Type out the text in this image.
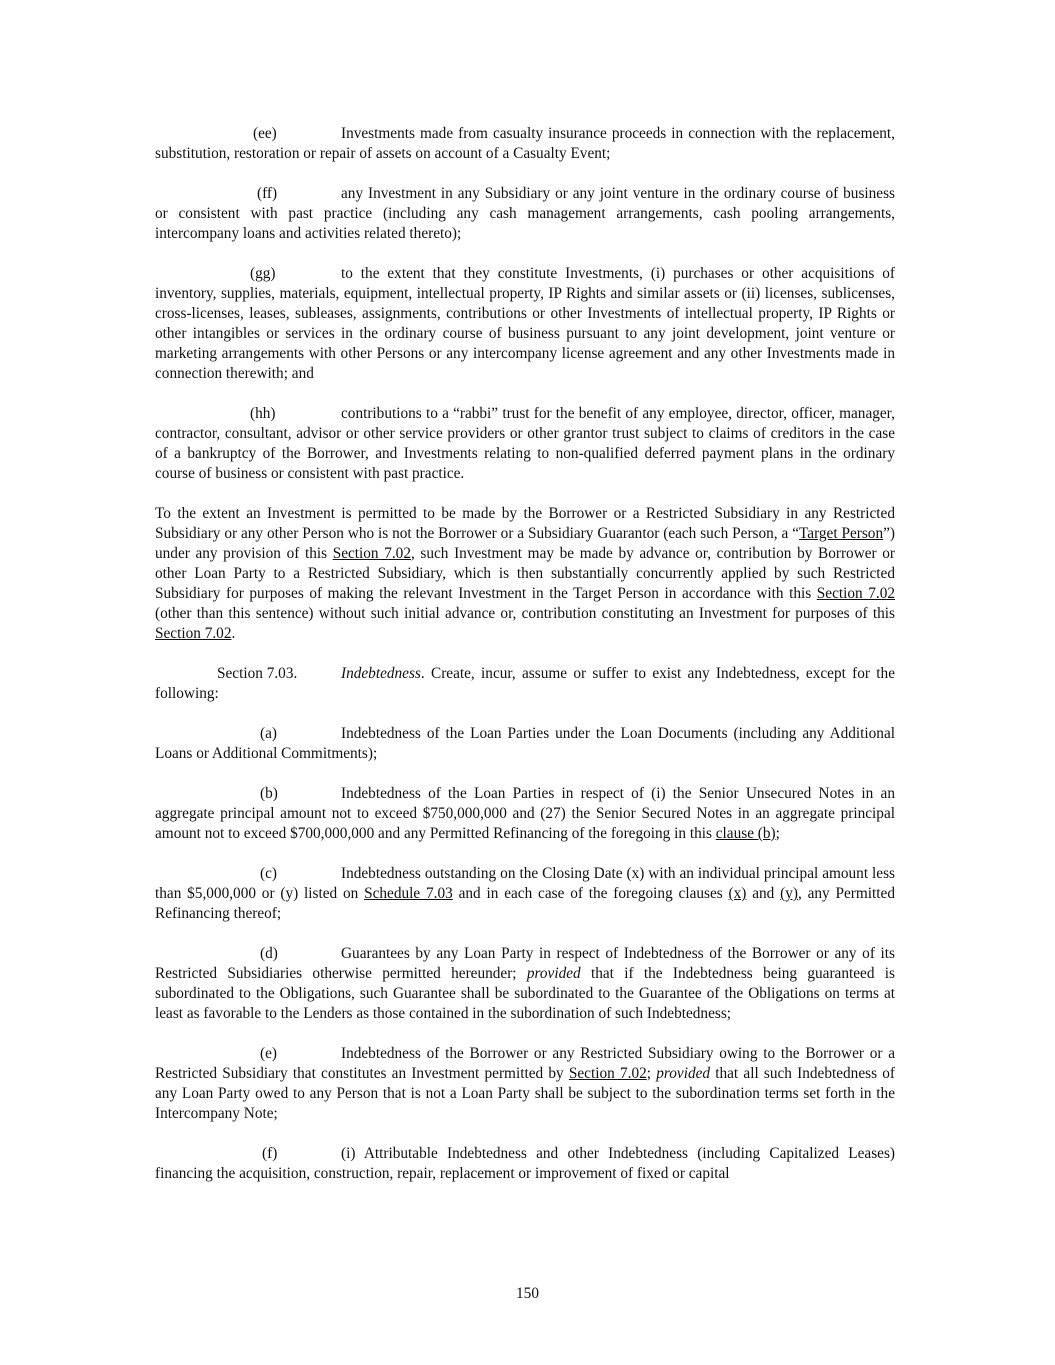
(ee)	Investments made from casualty insurance proceeds in connection with the replacement, substitution, restoration or repair of assets on account of a Casualty Event;

(ff)	any Investment in any Subsidiary or any joint venture in the ordinary course of business or consistent with past practice (including any cash management arrangements, cash pooling arrangements, intercompany loans and activities related thereto);

(gg)	to the extent that they constitute Investments, (i) purchases or other acquisitions of inventory, supplies, materials, equipment, intellectual property, IP Rights and similar assets or (ii) licenses, sublicenses, cross-licenses, leases, subleases, assignments, contributions or other Investments of intellectual property, IP Rights or other intangibles or services in the ordinary course of business pursuant to any joint development, joint venture or marketing arrangements with other Persons or any intercompany license agreement and any other Investments made in connection therewith; and

(hh)	contributions to a “rabbi” trust for the benefit of any employee, director, officer, manager, contractor, consultant, advisor or other service providers or other grantor trust subject to claims of creditors in the case of a bankruptcy of the Borrower, and Investments relating to non-qualified deferred payment plans in the ordinary course of business or consistent with past practice.

To the extent an Investment is permitted to be made by the Borrower or a Restricted Subsidiary in any Restricted Subsidiary or any other Person who is not the Borrower or a Subsidiary Guarantor (each such Person, a “Target Person”) under any provision of this Section 7.02, such Investment may be made by advance or, contribution by Borrower or other Loan Party to a Restricted Subsidiary, which is then substantially concurrently applied by such Restricted Subsidiary for purposes of making the relevant Investment in the Target Person in accordance with this Section 7.02 (other than this sentence) without such initial advance or, contribution constituting an Investment for purposes of this Section 7.02.

Section 7.03.	Indebtedness. Create, incur, assume or suffer to exist any Indebtedness, except for the following:

(a)	Indebtedness of the Loan Parties under the Loan Documents (including any Additional Loans or Additional Commitments);

(b)	Indebtedness of the Loan Parties in respect of (i) the Senior Unsecured Notes in an aggregate principal amount not to exceed $750,000,000 and (27) the Senior Secured Notes in an aggregate principal amount not to exceed $700,000,000 and any Permitted Refinancing of the foregoing in this clause (b);

(c)	Indebtedness outstanding on the Closing Date (x) with an individual principal amount less than $5,000,000 or (y) listed on Schedule 7.03 and in each case of the foregoing clauses (x) and (y), any Permitted Refinancing thereof;

(d)	Guarantees by any Loan Party in respect of Indebtedness of the Borrower or any of its Restricted Subsidiaries otherwise permitted hereunder; provided that if the Indebtedness being guaranteed is subordinated to the Obligations, such Guarantee shall be subordinated to the Guarantee of the Obligations on terms at least as favorable to the Lenders as those contained in the subordination of such Indebtedness;

(e)	Indebtedness of the Borrower or any Restricted Subsidiary owing to the Borrower or a Restricted Subsidiary that constitutes an Investment permitted by Section 7.02; provided that all such Indebtedness of any Loan Party owed to any Person that is not a Loan Party shall be subject to the subordination terms set forth in the Intercompany Note;

(f)	(i) Attributable Indebtedness and other Indebtedness (including Capitalized Leases) financing the acquisition, construction, repair, replacement or improvement of fixed or capital

150
